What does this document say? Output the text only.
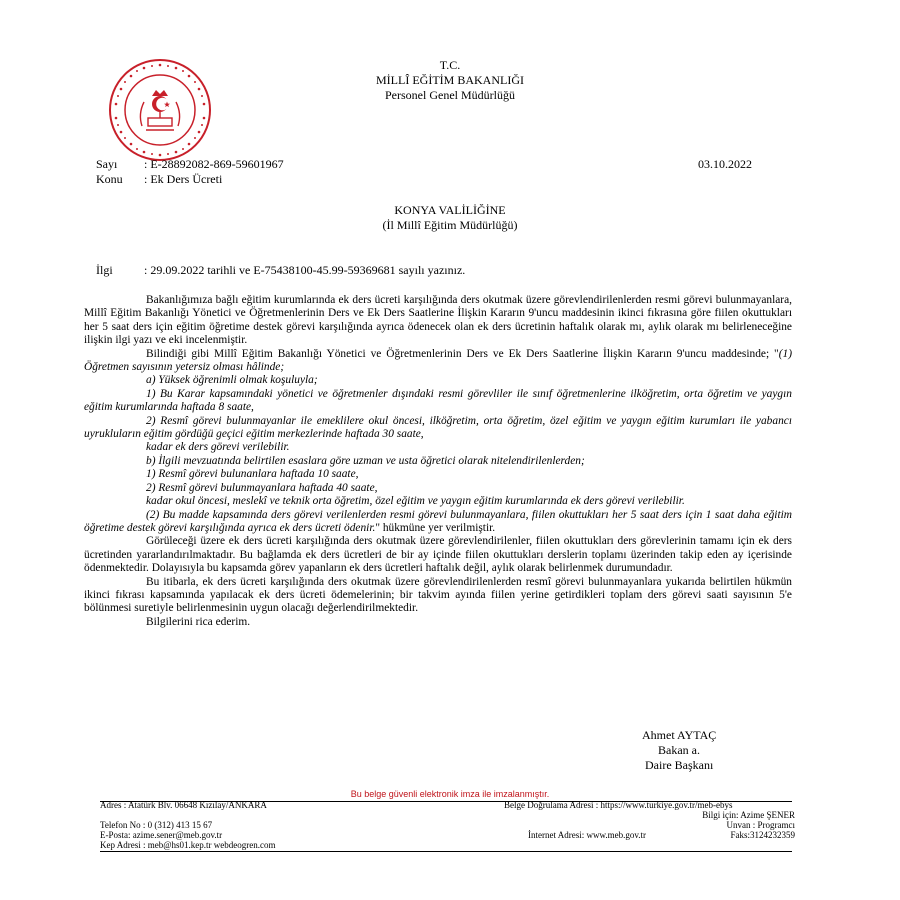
T.C.
MİLLÎ EĞİTİM BAKANLIĞI
Personel Genel Müdürlüğü
Sayı : E-28892082-869-59601967	03.10.2022
Konu : Ek Ders Ücreti
KONYA VALİLİĞİNE
(İl Millî Eğitim Müdürlüğü)
İlgi	: 29.09.2022 tarihli ve E-75438100-45.99-59369681 sayılı yazınız.

Bakanlığımıza bağlı eğitim kurumlarında ek ders ücreti karşılığında ders okutmak üzere görevlendirilenlerden resmi görevi bulunmayanlara, Millî Eğitim Bakanlığı Yönetici ve Öğretmenlerinin Ders ve Ek Ders Saatlerine İlişkin Kararın 9'uncu maddesinin ikinci fıkrasına göre fiilen okuttukları her 5 saat ders için eğitim öğretime destek görevi karşılığında ayrıca ödenecek olan ek ders ücretinin haftalık olarak mı, aylık olarak mı belirleneceğine ilişkin ilgi yazı ve eki incelenmiştir.

Bilindiği gibi Millî Eğitim Bakanlığı Yönetici ve Öğretmenlerinin Ders ve Ek Ders Saatlerine İlişkin Kararın 9'uncu maddesinde; "(1) Öğretmen sayısının yetersiz olması hâlinde;

a) Yüksek öğrenimli olmak koşuluyla;

1) Bu Karar kapsamındaki yönetici ve öğretmenler dışındaki resmi görevliler ile sınıf öğretmenlerine ilköğretim, orta öğretim ve yaygın eğitim kurumlarında haftada 8 saate,

2) Resmî görevi bulunmayanlar ile emeklilere okul öncesi, ilköğretim, orta öğretim, özel eğitim ve yaygın eğitim kurumları ile yabancı uyrukluların eğitim gördüğü geçici eğitim merkezlerinde haftada 30 saate,

kadar ek ders görevi verilebilir.

b) İlgili mevzuatında belirtilen esaslara göre uzman ve usta öğretici olarak nitelendirilenlerden;

1) Resmî görevi bulunanlara haftada 10 saate,

2) Resmî görevi bulunmayanlara haftada 40 saate,

kadar okul öncesi, meslekî ve teknik orta öğretim, özel eğitim ve yaygın eğitim kurumlarında ek ders görevi verilebilir.

(2) Bu madde kapsamında ders görevi verilenlerden resmi görevi bulunmayanlara, fiilen okuttukları her 5 saat ders için 1 saat daha eğitim öğretime destek görevi karşılığında ayrıca ek ders ücreti ödenir." hükmüne yer verilmiştir.

Görüleceği üzere ek ders ücreti karşılığında ders okutmak üzere görevlendirilenler, fiilen okuttukları ders görevlerinin tamamı için ek ders ücretinden yararlandırılmaktadır. Bu bağlamda ek ders ücretleri de bir ay içinde fiilen okuttukları derslerin toplamı üzerinden takip eden ay içerisinde ödenmektedir. Dolayısıyla bu kapsamda görev yapanların ek ders ücretleri haftalık değil, aylık olarak belirlenmek durumundadır.

Bu itibarla, ek ders ücreti karşılığında ders okutmak üzere görevlendirilenlerden resmî görevi bulunmayanlara yukarıda belirtilen hükmün ikinci fıkrası kapsamında yapılacak ek ders ücreti ödemelerinin; bir takvim ayında fiilen yerine getirdikleri toplam ders görevi saati sayısının 5'e bölünmesi suretiyle belirlenmesinin uygun olacağı değerlendirilmektedir.

Bilgilerini rica ederim.

Ahmet AYTAÇ
Bakan a.
Daire Başkanı
Bu belge güvenli elektronik imza ile imzalanmıştır.
Adres : Atatürk Blv. 06648 Kızılay/ANKARA	Belge Doğrulama Adresi : https://www.turkiye.gov.tr/meb-ebys
Bilgi için: Azime ŞENER
Telefon No : 0 (312) 413 15 67	Unvan : Programcı
E-Posta: azime.sener@meb.gov.tr	İnternet Adresi: www.meb.gov.tr	Faks:3124232359
Kep Adresi : meb@hs01.kep.tr webdeogren.com
